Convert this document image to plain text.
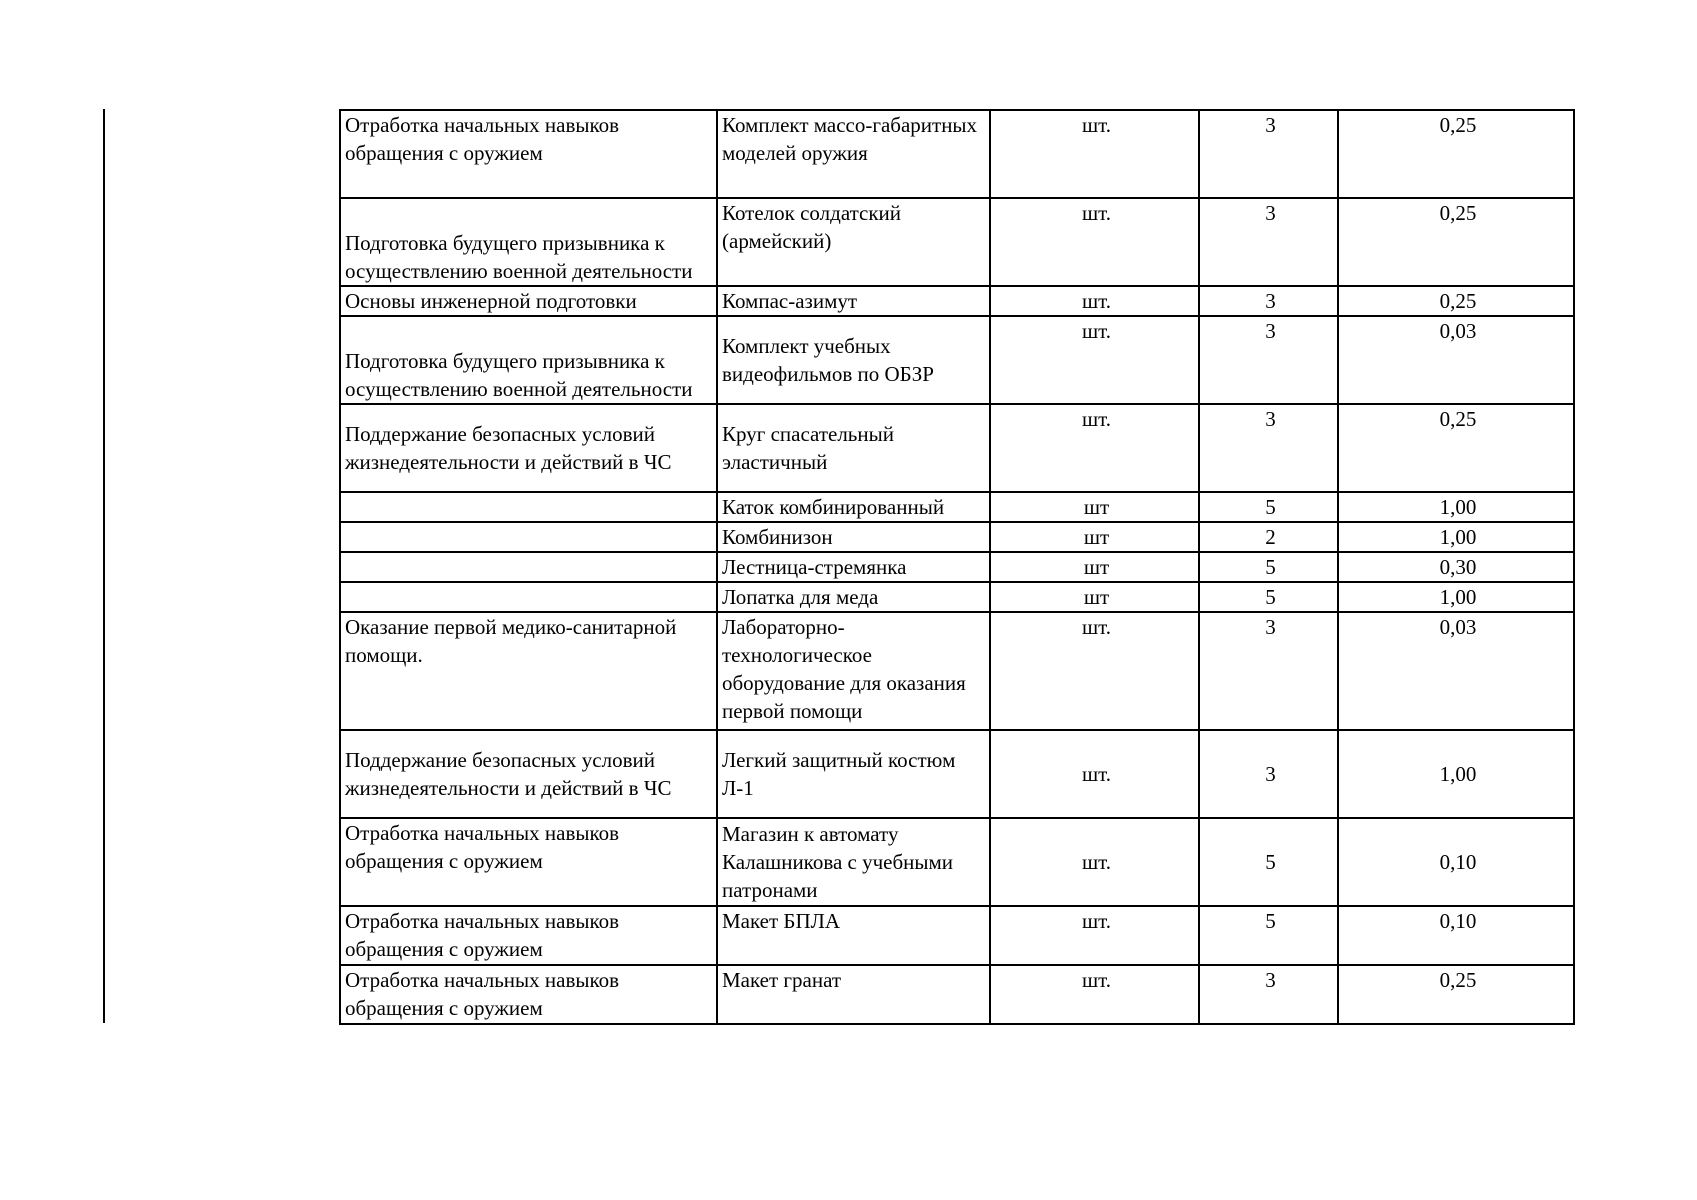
Отработка начальных навыков обращения с оружием	Комплект массо-габаритных моделей оружия	шт.	3	0,25
Подготовка будущего призывника к осуществлению военной деятельности	Котелок солдатский (армейский)	шт.	3	0,25
Основы инженерной подготовки	Компас-азимут	шт.	3	0,25
Подготовка будущего призывника к осуществлению военной деятельности	Комплект учебных видеофильмов по ОБЗР	шт.	3	0,03
Поддержание безопасных условий жизнедеятельности и действий в ЧС	Круг спасательный эластичный	шт.	3	0,25
	Каток комбинированный	шт	5	1,00
	Комбинизон	шт	2	1,00
	Лестница-стремянка	шт	5	0,30
	Лопатка для меда	шт	5	1,00
Оказание первой медико-санитарной помощи.	Лабораторно-технологическое оборудование для оказания первой помощи	шт.	3	0,03
Поддержание безопасных условий жизнедеятельности и действий в ЧС	Легкий защитный костюм Л-1	шт.	3	1,00
Отработка начальных навыков обращения с оружием	Магазин к автомату Калашникова с учебными патронами	шт.	5	0,10
Отработка начальных навыков обращения с оружием	Макет БПЛА	шт.	5	0,10
Отработка начальных навыков обращения с оружием	Макет гранат	шт.	3	0,25
